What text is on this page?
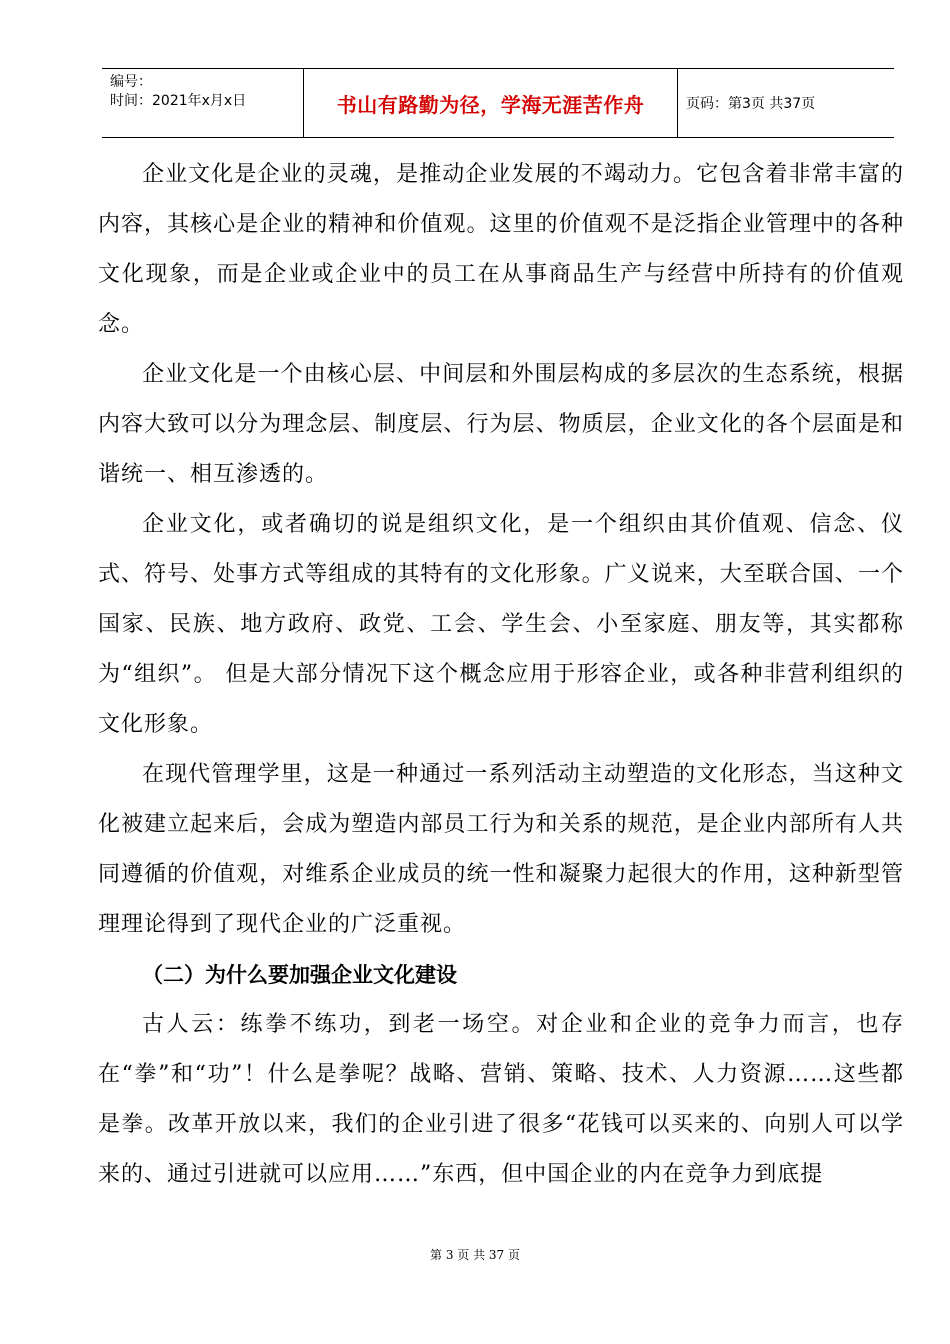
编号：
时间：2021年x月x日	书山有路勤为径，学海无涯苦作舟	页码：第3页 共37页

企业文化是企业的灵魂，是推动企业发展的不竭动力。它包含着非常丰富的内容，其核心是企业的精神和价值观。这里的价值观不是泛指企业管理中的各种文化现象，而是企业或企业中的员工在从事商品生产与经营中所持有的价值观念。

企业文化是一个由核心层、中间层和外围层构成的多层次的生态系统，根据内容大致可以分为理念层、制度层、行为层、物质层，企业文化的各个层面是和谐统一、相互渗透的。

企业文化，或者确切的说是组织文化，是一个组织由其价值观、信念、仪式、符号、处事方式等组成的其特有的文化形象。广义说来，大至联合国、一个国家、民族、地方政府、政党、工会、学生会、小至家庭、朋友等，其实都称为“组织”。 但是大部分情况下这个概念应用于形容企业，或各种非营利组织的文化形象。

在现代管理学里，这是一种通过一系列活动主动塑造的文化形态，当这种文化被建立起来后，会成为塑造内部员工行为和关系的规范，是企业内部所有人共同遵循的价值观，对维系企业成员的统一性和凝聚力起很大的作用，这种新型管理理论得到了现代企业的广泛重视。

（二）为什么要加强企业文化建设

古人云：练拳不练功，到老一场空。对企业和企业的竞争力而言，也存在“拳”和“功”！什么是拳呢？战略、营销、策略、技术、人力资源……这些都是拳。改革开放以来，我们的企业引进了很多“花钱可以买来的、向别人可以学来的、通过引进就可以应用……”东西，但中国企业的内在竞争力到底提

第 3 页 共 37 页
